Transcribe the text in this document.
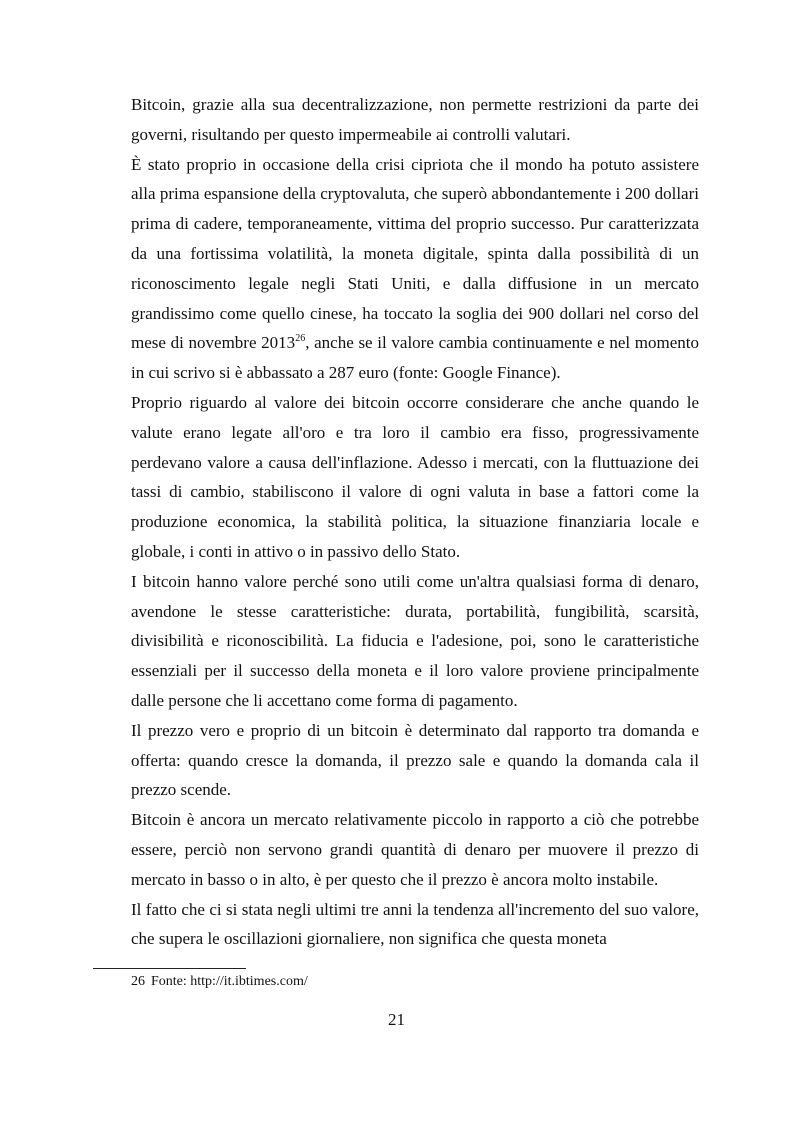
Bitcoin, grazie alla sua decentralizzazione, non permette restrizioni da parte dei governi, risultando per questo impermeabile ai controlli valutari.

È stato proprio in occasione della crisi cipriota che il mondo ha potuto assistere alla prima espansione della cryptovaluta, che superò abbondantemente i 200 dollari prima di cadere, temporaneamente, vittima del proprio successo. Pur caratterizzata da una fortissima volatilità, la moneta digitale, spinta dalla possibilità di un riconoscimento legale negli Stati Uniti, e dalla diffusione in un mercato grandissimo come quello cinese, ha toccato la soglia dei 900 dollari nel corso del mese di novembre 2013$^{26}$, anche se il valore cambia continuamente e nel momento in cui scrivo si è abbassato a 287 euro (fonte: Google Finance).

Proprio riguardo al valore dei bitcoin occorre considerare che anche quando le valute erano legate all'oro e tra loro il cambio era fisso, progressivamente perdevano valore a causa dell'inflazione. Adesso i mercati, con la fluttuazione dei tassi di cambio, stabiliscono il valore di ogni valuta in base a fattori come la produzione economica, la stabilità politica, la situazione finanziaria locale e globale, i conti in attivo o in passivo dello Stato.

I bitcoin hanno valore perché sono utili come un'altra qualsiasi forma di denaro, avendone le stesse caratteristiche: durata, portabilità, fungibilità, scarsità, divisibilità e riconoscibilità. La fiducia e l'adesione, poi, sono le caratteristiche essenziali per il successo della moneta e il loro valore proviene principalmente dalle persone che li accettano come forma di pagamento.

Il prezzo vero e proprio di un bitcoin è determinato dal rapporto tra domanda e offerta: quando cresce la domanda, il prezzo sale e quando la domanda cala il prezzo scende.

Bitcoin è ancora un mercato relativamente piccolo in rapporto a ciò che potrebbe essere, perciò non servono grandi quantità di denaro per muovere il prezzo di mercato in basso o in alto, è per questo che il prezzo è ancora molto instabile.

Il fatto che ci si stata negli ultimi tre anni la tendenza all'incremento del suo valore, che supera le oscillazioni giornaliere, non significa che questa moneta

26 Fonte: http://it.ibtimes.com/

21
